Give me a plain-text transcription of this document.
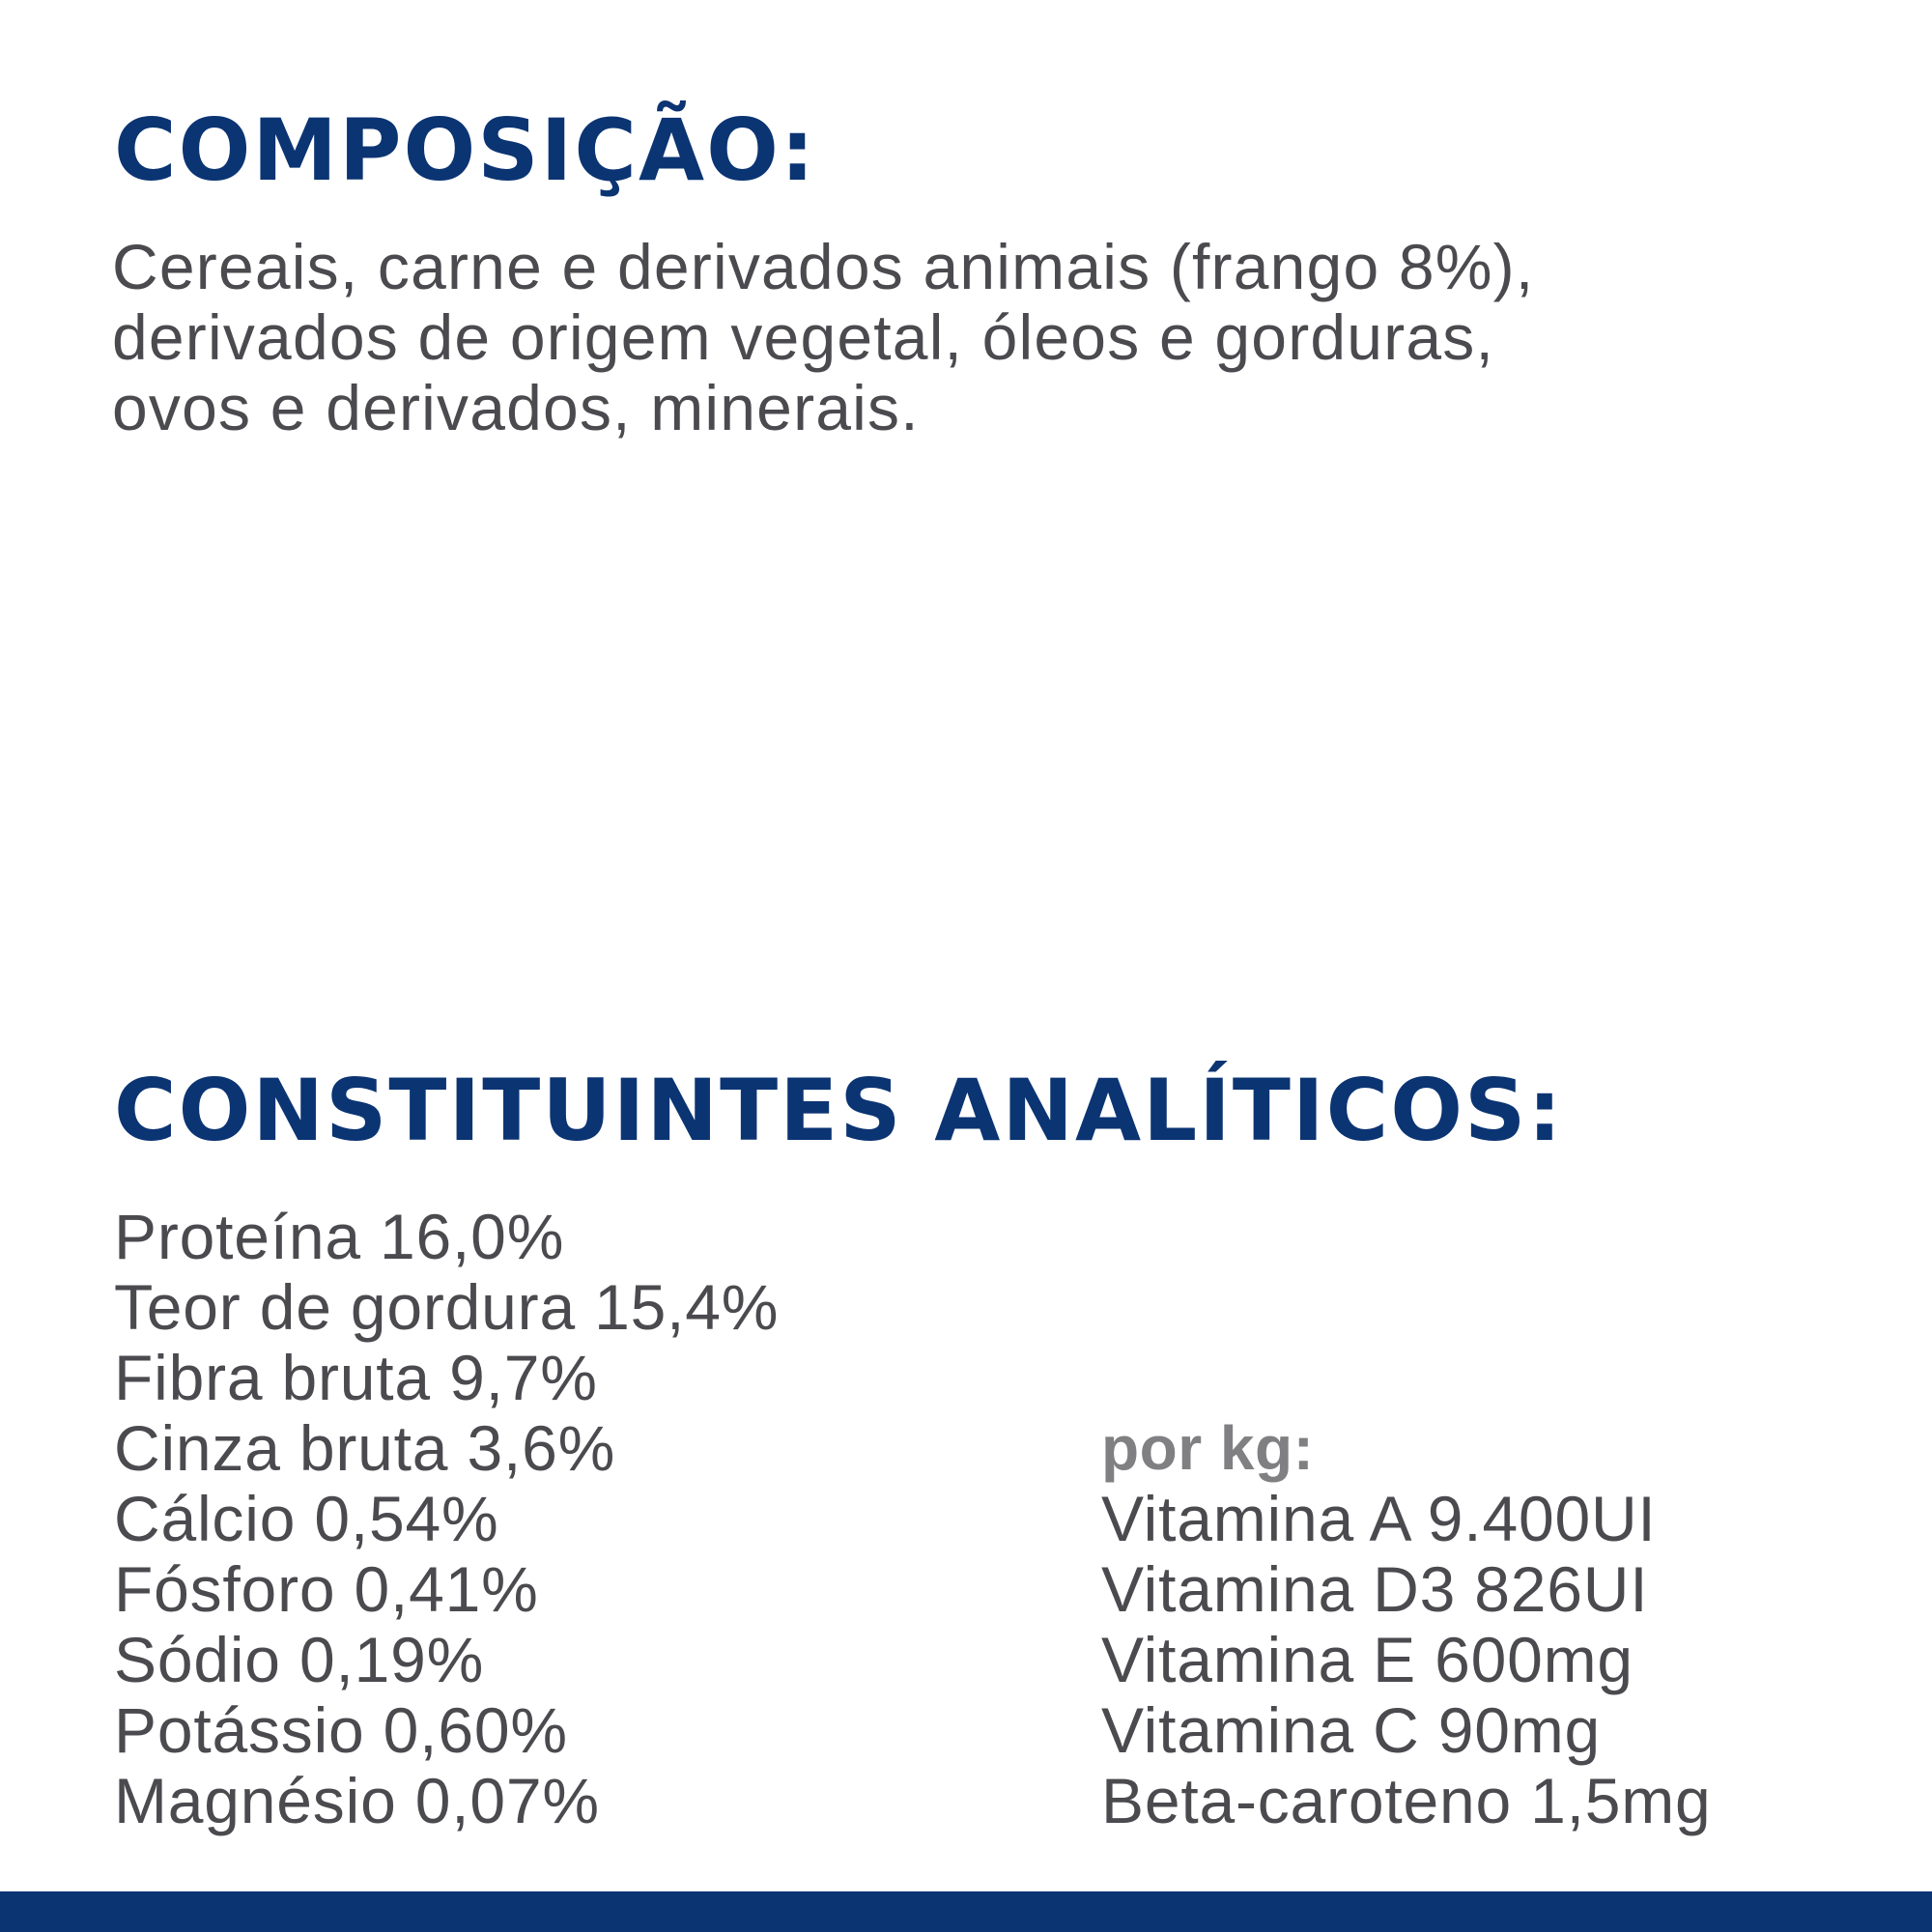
COMPOSIÇÃO:

Cereais, carne e derivados animais (frango 8%),
derivados de origem vegetal, óleos e gorduras,
ovos e derivados, minerais.

CONSTITUINTES ANALÍTICOS:
Proteína 16,0%
Teor de gordura 15,4%
Fibra bruta 9,7%
Cinza bruta 3,6%
Cálcio 0,54%
Fósforo 0,41%
Sódio 0,19%
Potássio 0,60%
Magnésio 0,07%
por kg:
Vitamina A 9.400UI
Vitamina D3 826UI
Vitamina E 600mg
Vitamina C 90mg
Beta-caroteno 1,5mg
